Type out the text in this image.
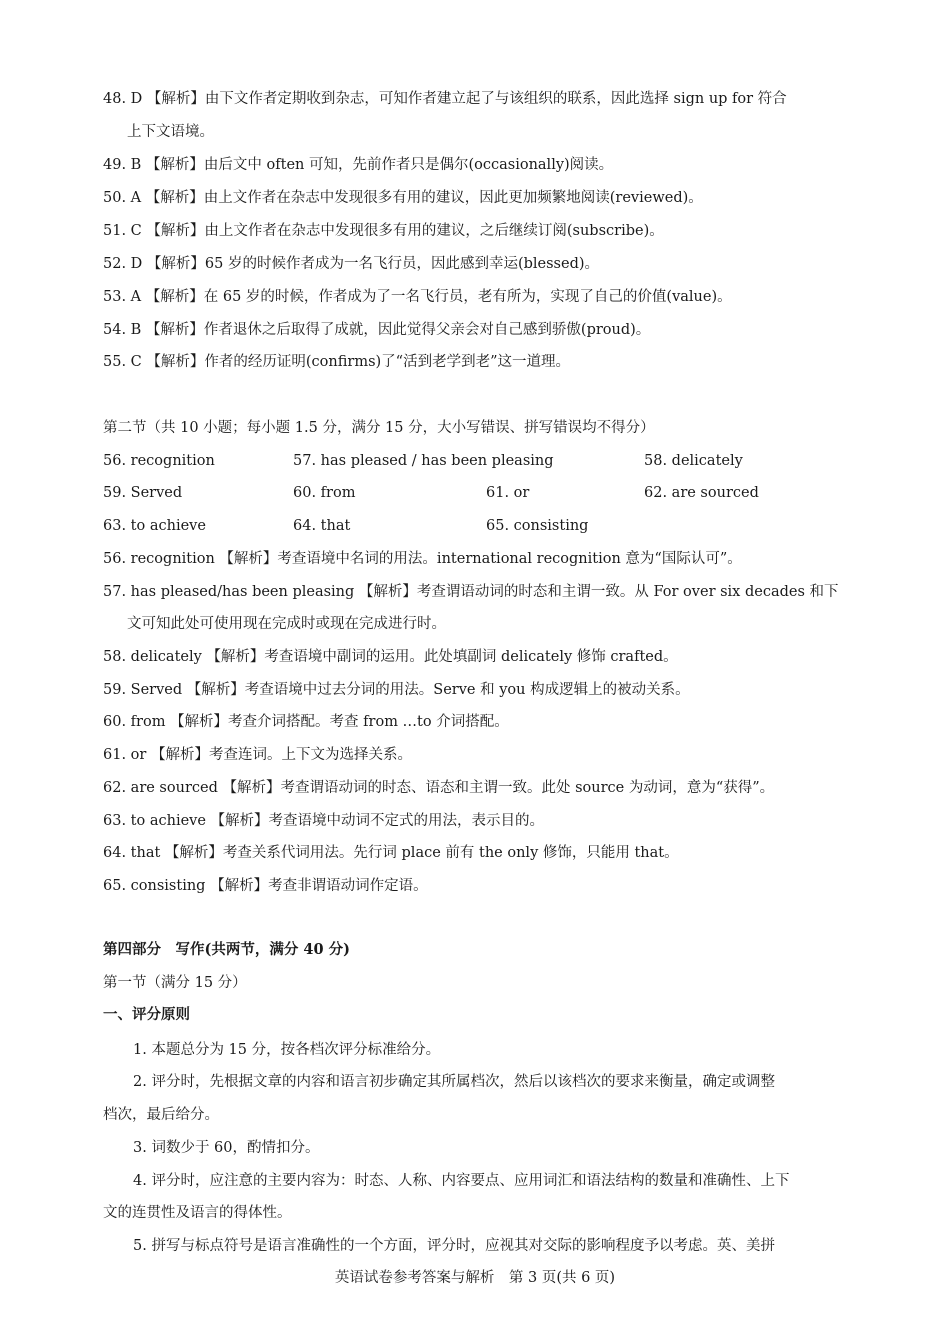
48. D 【解析】由下文作者定期收到杂志，可知作者建立起了与该组织的联系，因此选择 sign up for 符合
上下文语境。
49. B 【解析】由后文中 often 可知，先前作者只是偶尔(occasionally)阅读。
50. A 【解析】由上文作者在杂志中发现很多有用的建议，因此更加频繁地阅读(reviewed)。
51. C 【解析】由上文作者在杂志中发现很多有用的建议，之后继续订阅(subscribe)。
52. D 【解析】65 岁的时候作者成为一名飞行员，因此感到幸运(blessed)。
53. A 【解析】在 65 岁的时候，作者成为了一名飞行员，老有所为，实现了自己的价值(value)。
54. B 【解析】作者退休之后取得了成就，因此觉得父亲会对自己感到骄傲(proud)。
55. C 【解析】作者的经历证明(confirms)了“活到老学到老”这一道理。
第二节（共 10 小题；每小题 1.5 分，满分 15 分，大小写错误、拼写错误均不得分）
56. recognition	57. has pleased / has been pleasing	58. delicately
59. Served	60. from	61. or	62. are sourced
63. to achieve	64. that	65. consisting
56. recognition 【解析】考查语境中名词的用法。international recognition 意为“国际认可”。
57. has pleased/has been pleasing 【解析】考查谓语动词的时态和主谓一致。从 For over six decades 和下
文可知此处可使用现在完成时或现在完成进行时。
58. delicately 【解析】考查语境中副词的运用。此处填副词 delicately 修饰 crafted。
59. Served 【解析】考查语境中过去分词的用法。Serve 和 you 构成逻辑上的被动关系。
60. from 【解析】考查介词搭配。考查 from …to 介词搭配。
61. or 【解析】考查连词。上下文为选择关系。
62. are sourced 【解析】考查谓语动词的时态、语态和主谓一致。此处 source 为动词，意为“获得”。
63. to achieve 【解析】考查语境中动词不定式的用法，表示目的。
64. that 【解析】考查关系代词用法。先行词 place 前有 the only 修饰，只能用 that。
65. consisting 【解析】考查非谓语动词作定语。
第四部分　写作(共两节，满分 40 分)
第一节（满分 15 分）
一、评分原则
1. 本题总分为 15 分，按各档次评分标准给分。
2. 评分时，先根据文章的内容和语言初步确定其所属档次，然后以该档次的要求来衡量，确定或调整
档次，最后给分。
3. 词数少于 60，酌情扣分。
4. 评分时，应注意的主要内容为：时态、人称、内容要点、应用词汇和语法结构的数量和准确性、上下
文的连贯性及语言的得体性。
5. 拼写与标点符号是语言准确性的一个方面，评分时，应视其对交际的影响程度予以考虑。英、美拼
英语试卷参考答案与解析　第 3 页(共 6 页)
